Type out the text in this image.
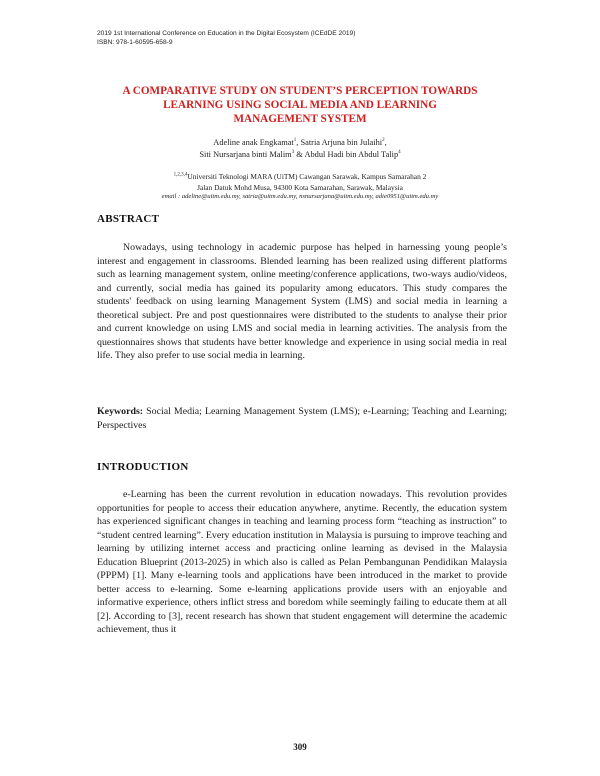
2019 1st International Conference on Education in the Digital Ecosystem (ICEdDE 2019)
ISBN: 978-1-60595-658-9
A COMPARATIVE STUDY ON STUDENT’S PERCEPTION TOWARDS
LEARNING USING SOCIAL MEDIA AND LEARNING
MANAGEMENT SYSTEM
Adeline anak Engkamat$^1$, Satria Arjuna bin Julaihi$^2$,
Siti Nursarjana binti Malim$^3$ & Abdul Hadi bin Abdul Talip$^4$
$^{1,2,3,4}$Universiti Teknologi MARA (UiTM) Cawangan Sarawak, Kampus Samarahan 2
Jalan Datuk Mohd Musa, 94300 Kota Samarahan, Sarawak, Malaysia
email : adeline@uitm.edu.my, satria@uitm.edu.my, nsnursarjana@uitm.edu.my, adie0951@uitm.edu.my
ABSTRACT
Nowadays, using technology in academic purpose has helped in harnessing young people’s interest and engagement in classrooms. Blended learning has been realized using different platforms such as learning management system, online meeting/conference applications, two-ways audio/videos, and currently, social media has gained its popularity among educators. This study compares the students' feedback on using learning Management System (LMS) and social media in learning a theoretical subject. Pre and post questionnaires were distributed to the students to analyse their prior and current knowledge on using LMS and social media in learning activities. The analysis from the questionnaires shows that students have better knowledge and experience in using social media in real life. They also prefer to use social media in learning.
Keywords: Social Media; Learning Management System (LMS); e-Learning; Teaching and Learning; Perspectives
INTRODUCTION
e-Learning has been the current revolution in education nowadays. This revolution provides opportunities for people to access their education anywhere, anytime. Recently, the education system has experienced significant changes in teaching and learning process form “teaching as instruction” to “student centred learning”. Every education institution in Malaysia is pursuing to improve teaching and learning by utilizing internet access and practicing online learning as devised in the Malaysia Education Blueprint (2013-2025) in which also is called as Pelan Pembangunan Pendidikan Malaysia (PPPM) [1]. Many e-learning tools and applications have been introduced in the market to provide better access to e-learning. Some e-learning applications provide users with an enjoyable and informative experience, others inflict stress and boredom while seemingly failing to educate them at all [2]. According to [3], recent research has shown that student engagement will determine the academic achievement, thus it
309
